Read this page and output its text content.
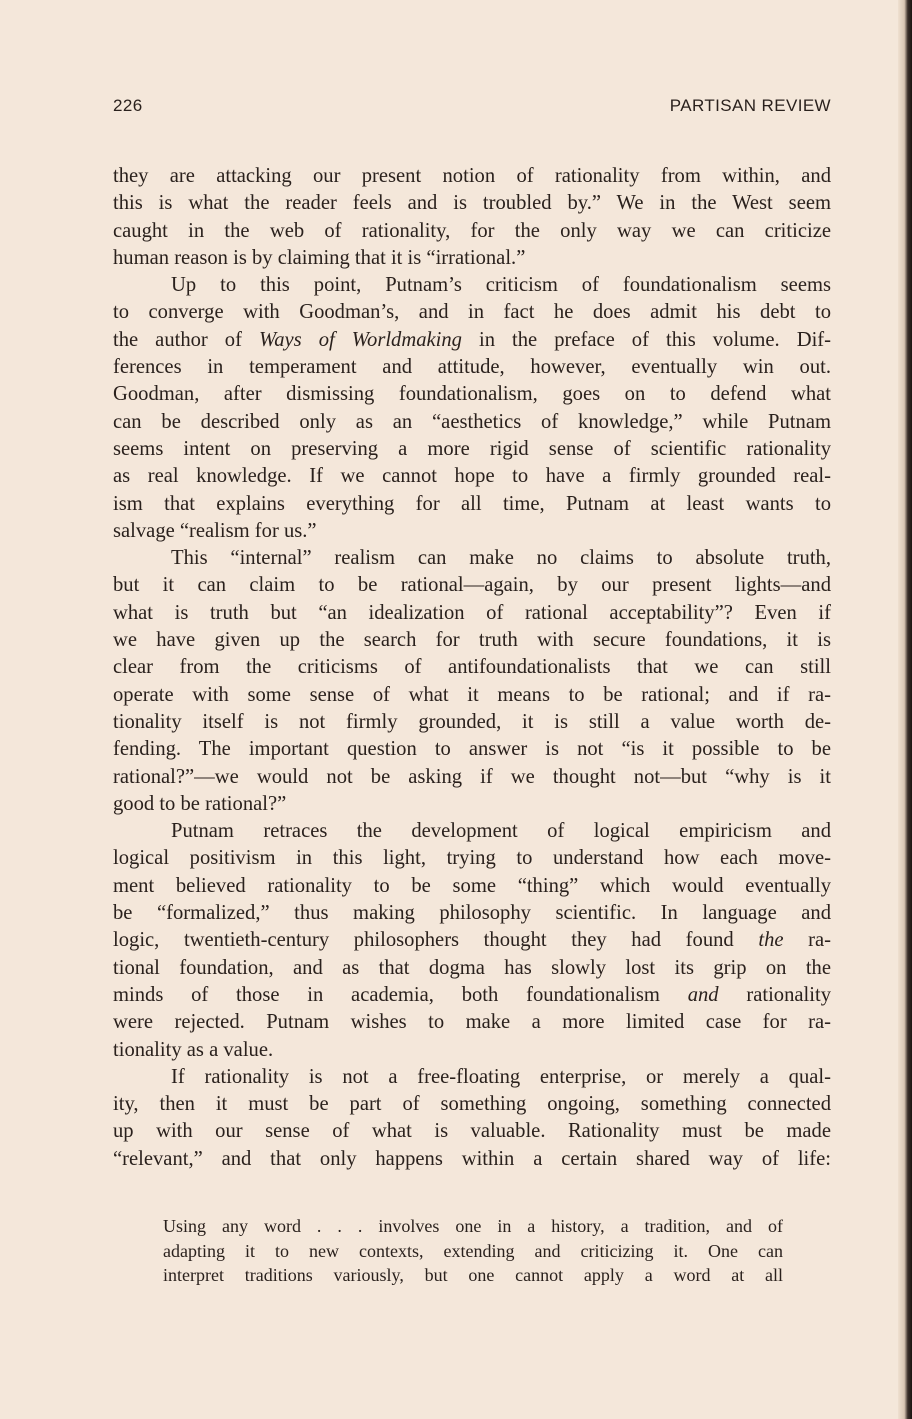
226	PARTISAN REVIEW
they are attacking our present notion of rationality from within, and
this is what the reader feels and is troubled by.” We in the West seem
caught in the web of rationality, for the only way we can criticize
human reason is by claiming that it is “irrational.”
Up to this point, Putnam’s criticism of foundationalism seems
to converge with Goodman’s, and in fact he does admit his debt to
the author of Ways of Worldmaking in the preface of this volume. Dif-
ferences in temperament and attitude, however, eventually win out.
Goodman, after dismissing foundationalism, goes on to defend what
can be described only as an “aesthetics of knowledge,” while Putnam
seems intent on preserving a more rigid sense of scientific rationality
as real knowledge. If we cannot hope to have a firmly grounded real-
ism that explains everything for all time, Putnam at least wants to
salvage “realism for us.”
This “internal” realism can make no claims to absolute truth,
but it can claim to be rational—again, by our present lights—and
what is truth but “an idealization of rational acceptability”? Even if
we have given up the search for truth with secure foundations, it is
clear from the criticisms of antifoundationalists that we can still
operate with some sense of what it means to be rational; and if ra-
tionality itself is not firmly grounded, it is still a value worth de-
fending. The important question to answer is not “is it possible to be
rational?”—we would not be asking if we thought not—but “why is it
good to be rational?”
Putnam retraces the development of logical empiricism and
logical positivism in this light, trying to understand how each move-
ment believed rationality to be some “thing” which would eventually
be “formalized,” thus making philosophy scientific. In language and
logic, twentieth-century philosophers thought they had found the ra-
tional foundation, and as that dogma has slowly lost its grip on the
minds of those in academia, both foundationalism and rationality
were rejected. Putnam wishes to make a more limited case for ra-
tionality as a value.
If rationality is not a free-floating enterprise, or merely a qual-
ity, then it must be part of something ongoing, something connected
up with our sense of what is valuable. Rationality must be made
“relevant,” and that only happens within a certain shared way of life:
Using any word . . . involves one in a history, a tradition, and of
adapting it to new contexts, extending and criticizing it. One can
interpret traditions variously, but one cannot apply a word at all
